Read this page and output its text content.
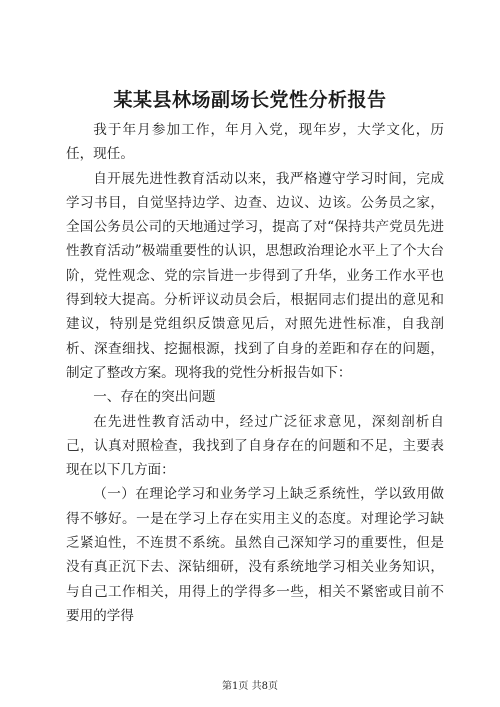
某某县林场副场长党性分析报告

我于年月参加工作，年月入党，现年岁，大学文化，历任，现任。

自开展先进性教育活动以来，我严格遵守学习时间，完成学习书目，自觉坚持边学、边查、边议、边该。公务员之家，全国公务员公司的天地通过学习，提高了对“保持共产党员先进性教育活动”极端重要性的认识，思想政治理论水平上了个大台阶，党性观念、党的宗旨进一步得到了升华，业务工作水平也得到较大提高。分析评议动员会后，根据同志们提出的意见和建议，特别是党组织反馈意见后，对照先进性标准，自我剖析、深查细找、挖掘根源，找到了自身的差距和存在的问题，制定了整改方案。现将我的党性分析报告如下：

一、存在的突出问题

在先进性教育活动中，经过广泛征求意见，深刻剖析自己，认真对照检查，我找到了自身存在的问题和不足，主要表现在以下几方面：

（一）在理论学习和业务学习上缺乏系统性，学以致用做得不够好。一是在学习上存在实用主义的态度。对理论学习缺乏紧迫性，不连贯不系统。虽然自己深知学习的重要性，但是没有真正沉下去、深钻细研，没有系统地学习相关业务知识，与自己工作相关，用得上的学得多一些，相关不紧密或目前不要用的学得

第1页 共8页
